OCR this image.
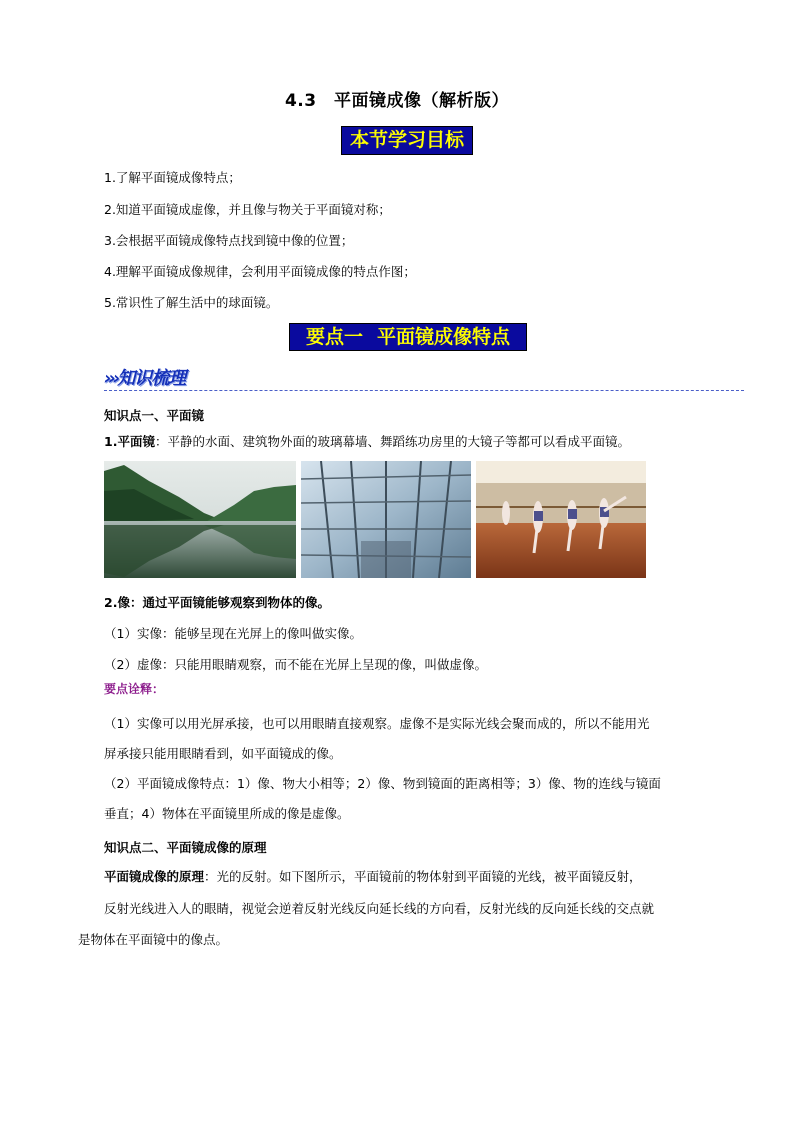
4.3　平面镜成像（解析版）
本节学习目标
1.了解平面镜成像特点；
2.知道平面镜成虚像，并且像与物关于平面镜对称；
3.会根据平面镜成像特点找到镜中像的位置；
4.理解平面镜成像规律，会利用平面镜成像的特点作图；
5.常识性了解生活中的球面镜。
要点一 平面镜成像特点
›››知识梳理
知识点一、平面镜
1.平面镜：平静的水面、建筑物外面的玻璃幕墙、舞蹈练功房里的大镜子等都可以看成平面镜。
2.像：通过平面镜能够观察到物体的像。
（1）实像：能够呈现在光屏上的像叫做实像。
（2）虚像：只能用眼睛观察，而不能在光屏上呈现的像，叫做虚像。
要点诠释：
（1）实像可以用光屏承接，也可以用眼睛直接观察。虚像不是实际光线会聚而成的，所以不能用光
屏承接只能用眼睛看到，如平面镜成的像。
（2）平面镜成像特点：1）像、物大小相等；2）像、物到镜面的距离相等；3）像、物的连线与镜面
垂直；4）物体在平面镜里所成的像是虚像。
知识点二、平面镜成像的原理
平面镜成像的原理：光的反射。如下图所示，平面镜前的物体射到平面镜的光线，被平面镜反射，
反射光线进入人的眼睛，视觉会逆着反射光线反向延长线的方向看，反射光线的反向延长线的交点就
是物体在平面镜中的像点。
